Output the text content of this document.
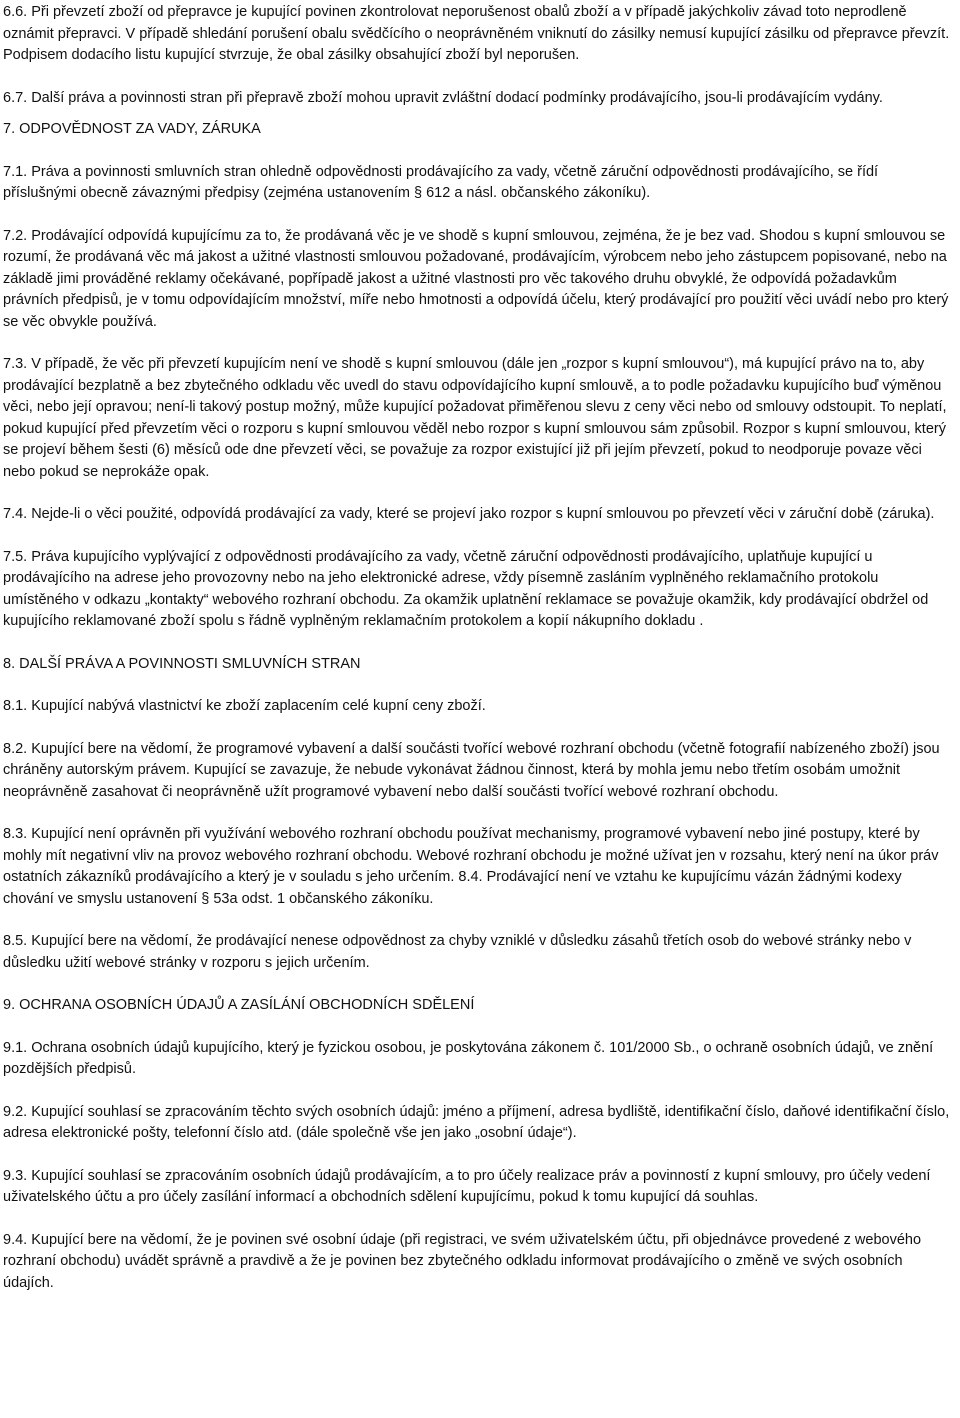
6.6. Při převzetí zboží od přepravce je kupující povinen zkontrolovat neporušenost obalů zboží a v případě jakýchkoliv závad toto neprodleně oznámit přepravci. V případě shledání porušení obalu svědčícího o neoprávněném vniknutí do zásilky nemusí kupující zásilku od přepravce převzít. Podpisem dodacího listu kupující stvrzuje, že obal zásilky obsahující zboží byl neporušen.

6.7. Další práva a povinnosti stran při přepravě zboží mohou upravit zvláštní dodací podmínky prodávajícího, jsou-li prodávajícím vydány.

7. ODPOVĚDNOST ZA VADY, ZÁRUKA

7.1. Práva a povinnosti smluvních stran ohledně odpovědnosti prodávajícího za vady, včetně záruční odpovědnosti prodávajícího, se řídí příslušnými obecně závaznými předpisy (zejména ustanovením § 612 a násl. občanského zákoníku).

7.2. Prodávající odpovídá kupujícímu za to, že prodávaná věc je ve shodě s kupní smlouvou, zejména, že je bez vad. Shodou s kupní smlouvou se rozumí, že prodávaná věc má jakost a užitné vlastnosti smlouvou požadované, prodávajícím, výrobcem nebo jeho zástupcem popisované, nebo na základě jimi prováděné reklamy očekávané, popřípadě jakost a užitné vlastnosti pro věc takového druhu obvyklé, že odpovídá požadavkům právních předpisů, je v tomu odpovídajícím množství, míře nebo hmotnosti a odpovídá účelu, který prodávající pro použití věci uvádí nebo pro který se věc obvykle používá.

7.3. V případě, že věc při převzetí kupujícím není ve shodě s kupní smlouvou (dále jen „rozpor s kupní smlouvou“), má kupující právo na to, aby prodávající bezplatně a bez zbytečného odkladu věc uvedl do stavu odpovídajícího kupní smlouvě, a to podle požadavku kupujícího buď výměnou věci, nebo její opravou; není-li takový postup možný, může kupující požadovat přiměřenou slevu z ceny věci nebo od smlouvy odstoupit. To neplatí, pokud kupující před převzetím věci o rozporu s kupní smlouvou věděl nebo rozpor s kupní smlouvou sám způsobil. Rozpor s kupní smlouvou, který se projeví během šesti (6) měsíců ode dne převzetí věci, se považuje za rozpor existující již při jejím převzetí, pokud to neodporuje povaze věci nebo pokud se neprokáže opak.

7.4. Nejde-li o věci použité, odpovídá prodávající za vady, které se projeví jako rozpor s kupní smlouvou po převzetí věci v záruční době (záruka).

7.5. Práva kupujícího vyplývající z odpovědnosti prodávajícího za vady, včetně záruční odpovědnosti prodávajícího, uplatňuje kupující u prodávajícího na adrese jeho provozovny nebo na jeho elektronické adrese, vždy písemně zasláním vyplněného reklamačního protokolu umístěného v odkazu „kontakty“ webového rozhraní obchodu. Za okamžik uplatnění reklamace se považuje okamžik, kdy prodávající obdržel od kupujícího reklamované zboží spolu s řádně vyplněným reklamačním protokolem a kopií nákupního dokladu .

8. DALŠÍ PRÁVA A POVINNOSTI SMLUVNÍCH STRAN

8.1. Kupující nabývá vlastnictví ke zboží zaplacením celé kupní ceny zboží.

8.2. Kupující bere na vědomí, že programové vybavení a další součásti tvořící webové rozhraní obchodu (včetně fotografií nabízeného zboží) jsou chráněny autorským právem. Kupující se zavazuje, že nebude vykonávat žádnou činnost, která by mohla jemu nebo třetím osobám umožnit neoprávněně zasahovat či neoprávněně užít programové vybavení nebo další součásti tvořící webové rozhraní obchodu.

8.3. Kupující není oprávněn při využívání webového rozhraní obchodu používat mechanismy, programové vybavení nebo jiné postupy, které by mohly mít negativní vliv na provoz webového rozhraní obchodu. Webové rozhraní obchodu je možné užívat jen v rozsahu, který není na úkor práv ostatních zákazníků prodávajícího a který je v souladu s jeho určením. 8.4. Prodávající není ve vztahu ke kupujícímu vázán žádnými kodexy chování ve smyslu ustanovení § 53a odst. 1 občanského zákoníku.

8.5. Kupující bere na vědomí, že prodávající nenese odpovědnost za chyby vzniklé v důsledku zásahů třetích osob do webové stránky nebo v důsledku užití webové stránky v rozporu s jejich určením.

9. OCHRANA OSOBNÍCH ÚDAJŮ A ZASÍLÁNÍ OBCHODNÍCH SDĚLENÍ

9.1. Ochrana osobních údajů kupujícího, který je fyzickou osobou, je poskytována zákonem č. 101/2000 Sb., o ochraně osobních údajů, ve znění pozdějších předpisů.

9.2. Kupující souhlasí se zpracováním těchto svých osobních údajů: jméno a příjmení, adresa bydliště, identifikační číslo, daňové identifikační číslo, adresa elektronické pošty, telefonní číslo atd. (dále společně vše jen jako „osobní údaje“).

9.3. Kupující souhlasí se zpracováním osobních údajů prodávajícím, a to pro účely realizace práv a povinností z kupní smlouvy, pro účely vedení uživatelského účtu a pro účely zasílání informací a obchodních sdělení kupujícímu, pokud k tomu kupující dá souhlas.

9.4. Kupující bere na vědomí, že je povinen své osobní údaje (při registraci, ve svém uživatelském účtu, při objednávce provedené z webového rozhraní obchodu) uvádět správně a pravdivě a že je povinen bez zbytečného odkladu informovat prodávajícího o změně ve svých osobních údajích.
